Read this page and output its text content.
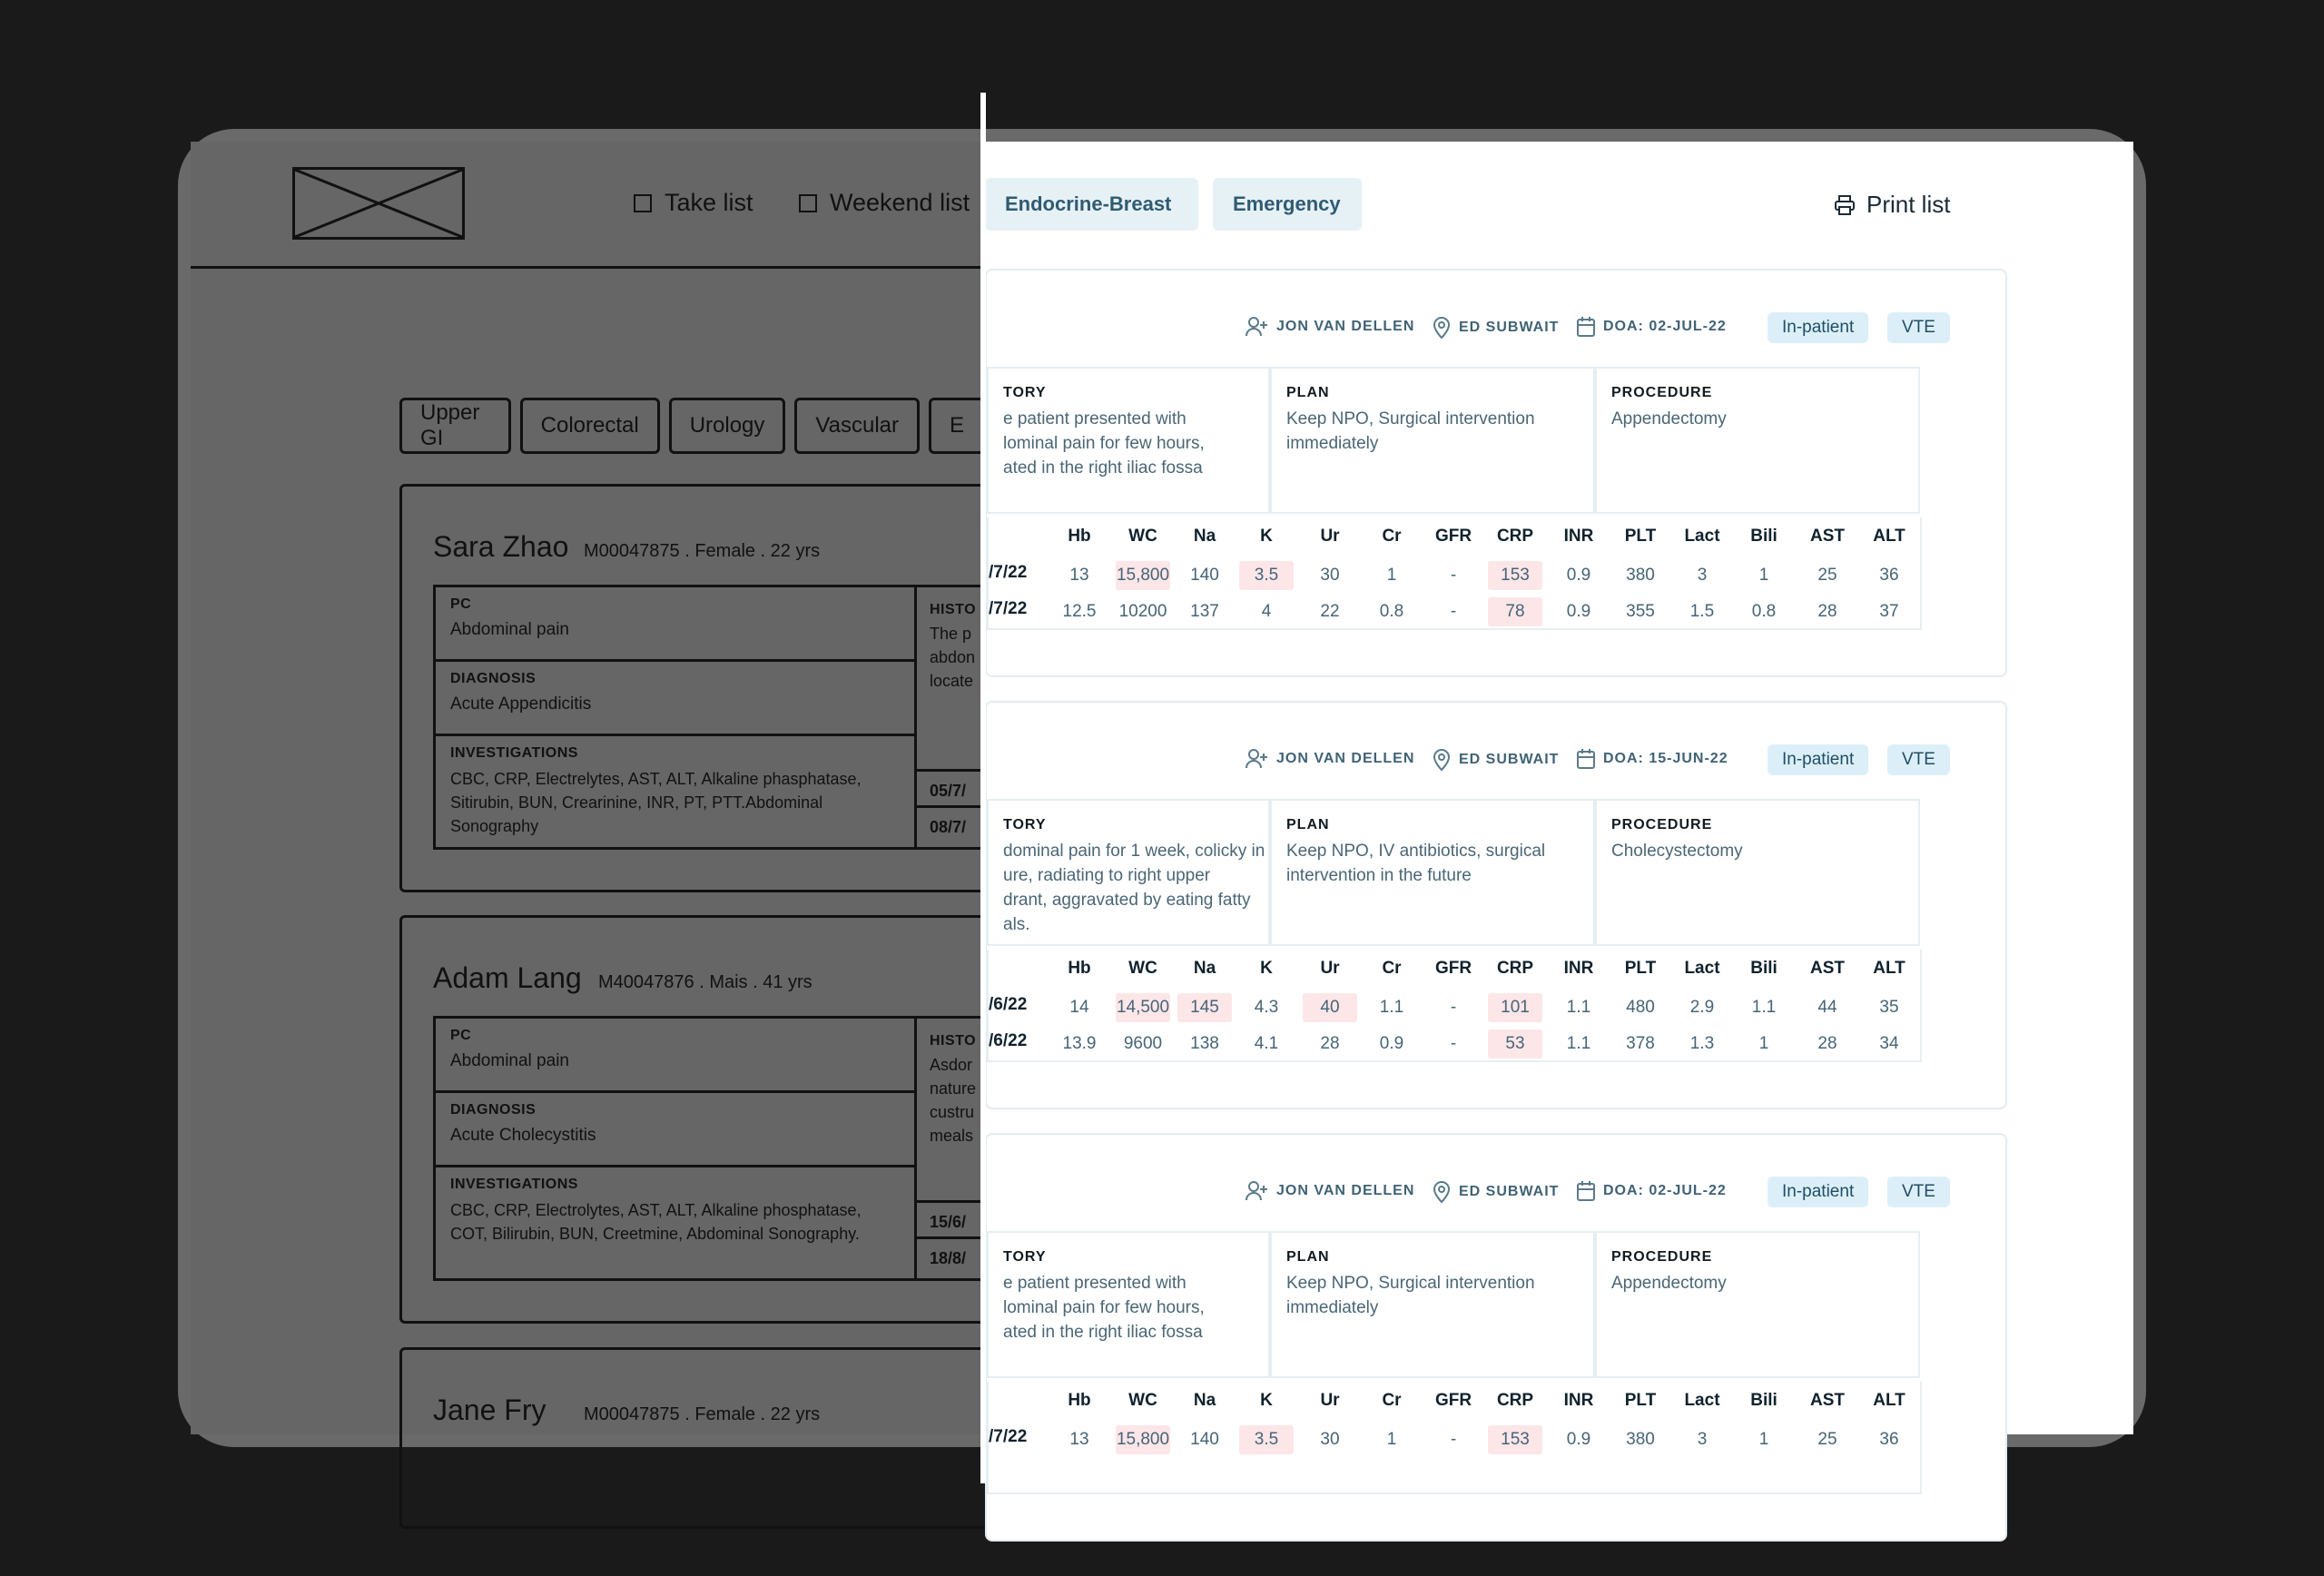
Take list	Weekend list
Upper GI
Colorectal	Urology	Vascular	E
Sara Zhao M00047875 . Female . 22 yrs
PC
Abdominal pain
DIAGNOSIS
Acute Appendicitis
INVESTIGATIONS
CBC, CRP, Electrelytes, AST, ALT, Alkaline phasphatase, Sitirubin, BUN, Crearinine, INR, PT, PTT.Abdominal Sonography
HISTO
The p
abdon
locate
05/7/
08/7/
Adam Lang M40047876 . Mais . 41 yrs
PC
Abdominal pain
DIAGNOSIS
Acute Cholecystitis
INVESTIGATIONS
CBC, CRP, Electrolytes, AST, ALT, Alkaline phosphatase, COT, Bilirubin, BUN, Creetmine, Abdominal Sonography.
HISTO
Asdor
nature
custru
meals
15/6/
18/8/
Jane Fry M00047875 . Female . 22 yrs
Endocrine-Breast	Emergency	Print list
JON VAN DELLEN	ED SUBWAIT	DOA: 02-JUL-22	In-patient	VTE
TORY
e patient presented with
lominal pain for few hours,
ated in the right iliac fossa
PLAN
Keep NPO, Surgical intervention
immediately
PROCEDURE
Appendectomy
Hb	WC	Na	K	Ur	Cr	GFR	CRP	INR	PLT	Lact	Bili	AST	ALT
/7/22	13	15,800	140	3.5	30	1	-	153	0.9	380	3	1	25	36
/7/22	12.5	10200	137	4	22	0.8	-	78	0.9	355	1.5	0.8	28	37
JON VAN DELLEN	ED SUBWAIT	DOA: 15-JUN-22	In-patient	VTE
TORY
dominal pain for 1 week, colicky in
ure, radiating to right upper
drant, aggravated by eating fatty
als.
PLAN
Keep NPO, IV antibiotics, surgical
intervention in the future
PROCEDURE
Cholecystectomy
Hb	WC	Na	K	Ur	Cr	GFR	CRP	INR	PLT	Lact	Bili	AST	ALT
/6/22	14	14,500	145	4.3	40	1.1	-	101	1.1	480	2.9	1.1	44	35
/6/22	13.9	9600	138	4.1	28	0.9	-	53	1.1	378	1.3	1	28	34
JON VAN DELLEN	ED SUBWAIT	DOA: 02-JUL-22	In-patient	VTE
TORY
e patient presented with
lominal pain for few hours,
ated in the right iliac fossa
PLAN
Keep NPO, Surgical intervention
immediately
PROCEDURE
Appendectomy
Hb	WC	Na	K	Ur	Cr	GFR	CRP	INR	PLT	Lact	Bili	AST	ALT
/7/22	13	15,800	140	3.5	30	1	-	153	0.9	380	3	1	25	36
